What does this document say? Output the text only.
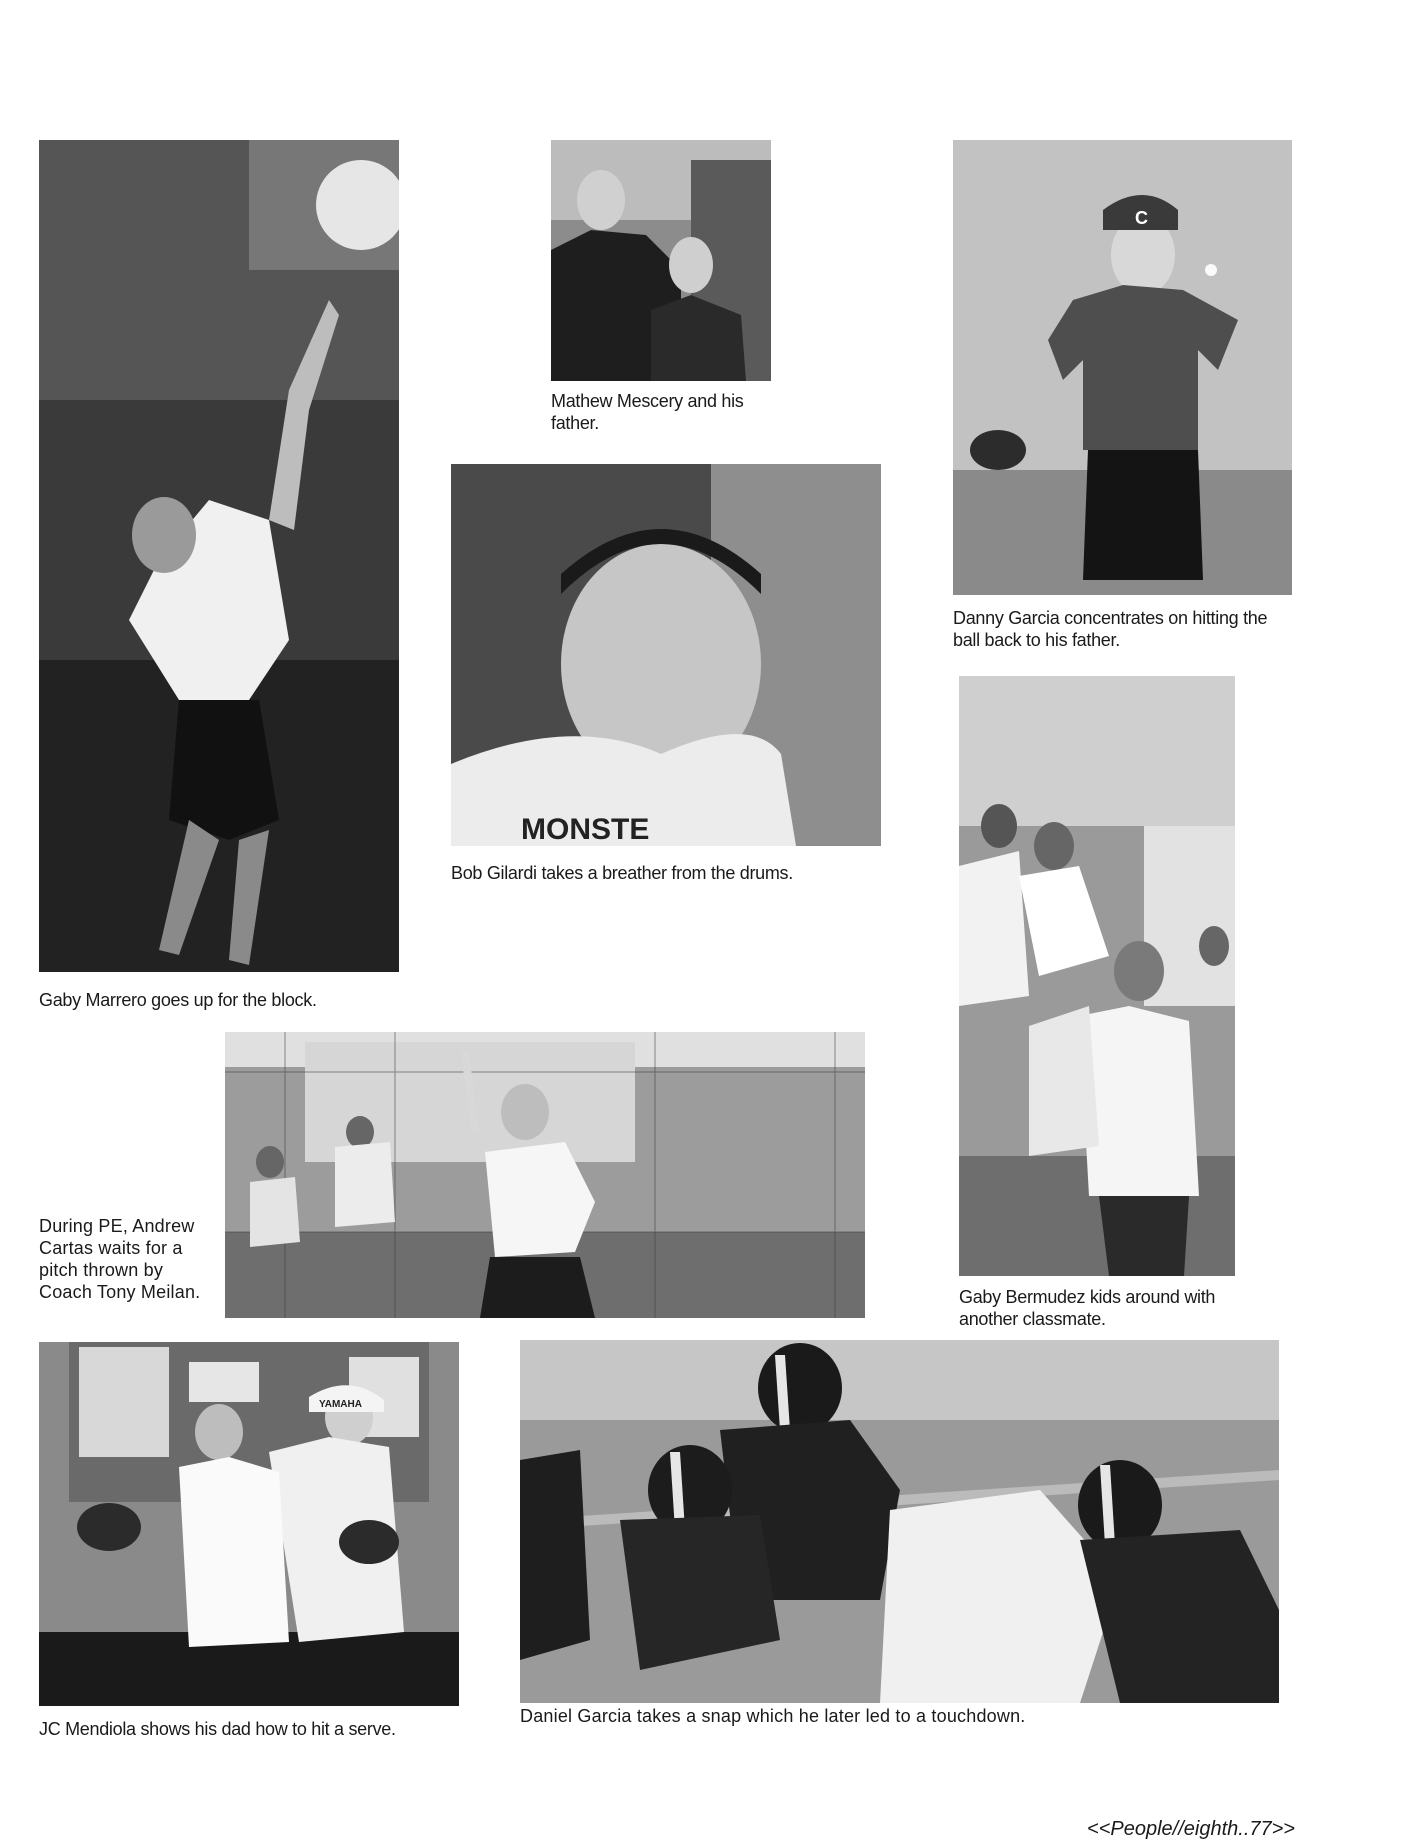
Gaby Marrero goes up for the block.
Mathew Mescery and his father.
C
Danny Garcia concentrates on hitting the ball back to his father.
MONSTE
Bob Gilardi takes a breather from the drums.
Gaby Bermudez kids around with another classmate.
During PE, Andrew Cartas waits for a pitch thrown by Coach Tony Meilan.
YAMAHA
JC Mendiola shows his dad how to hit a serve.
Daniel Garcia takes a snap which he later led to a touchdown.
<<People//eighth..77>>
